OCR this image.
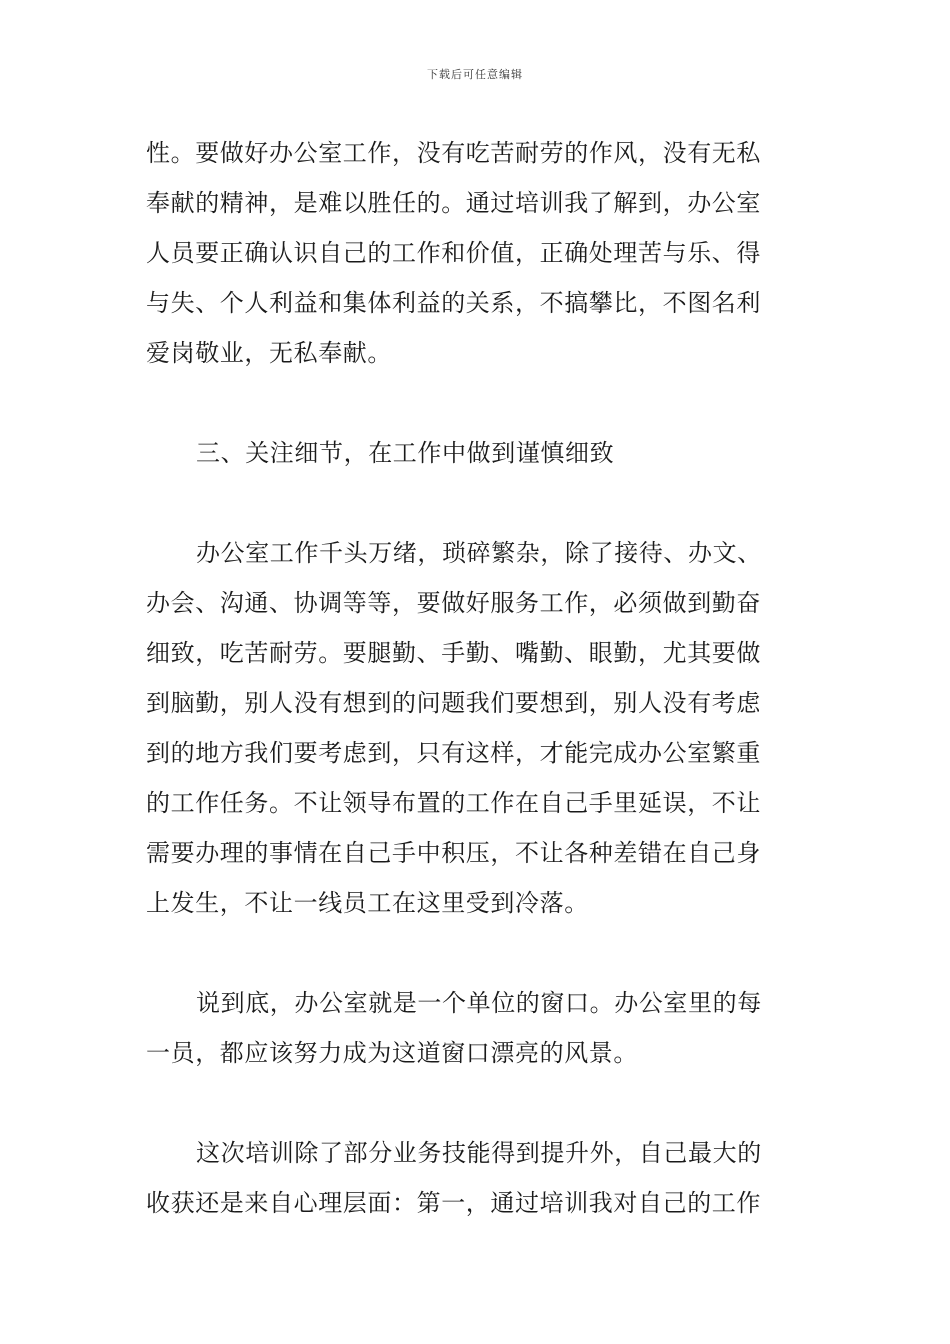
下载后可任意编辑
性。要做好办公室工作，没有吃苦耐劳的作风，没有无私
奉献的精神，是难以胜任的。通过培训我了解到，办公室
人员要正确认识自己的工作和价值，正确处理苦与乐、得
与失、个人利益和集体利益的关系，不搞攀比，不图名利
爱岗敬业，无私奉献。
三、关注细节，在工作中做到谨慎细致
办公室工作千头万绪，琐碎繁杂，除了接待、办文、
办会、沟通、协调等等，要做好服务工作，必须做到勤奋
细致，吃苦耐劳。要腿勤、手勤、嘴勤、眼勤，尤其要做
到脑勤，别人没有想到的问题我们要想到，别人没有考虑
到的地方我们要考虑到，只有这样，才能完成办公室繁重
的工作任务。不让领导布置的工作在自己手里延误，不让
需要办理的事情在自己手中积压，不让各种差错在自己身
上发生，不让一线员工在这里受到冷落。
说到底，办公室就是一个单位的窗口。办公室里的每
一员，都应该努力成为这道窗口漂亮的风景。
这次培训除了部分业务技能得到提升外，自己最大的
收获还是来自心理层面：第一，通过培训我对自己的工作
